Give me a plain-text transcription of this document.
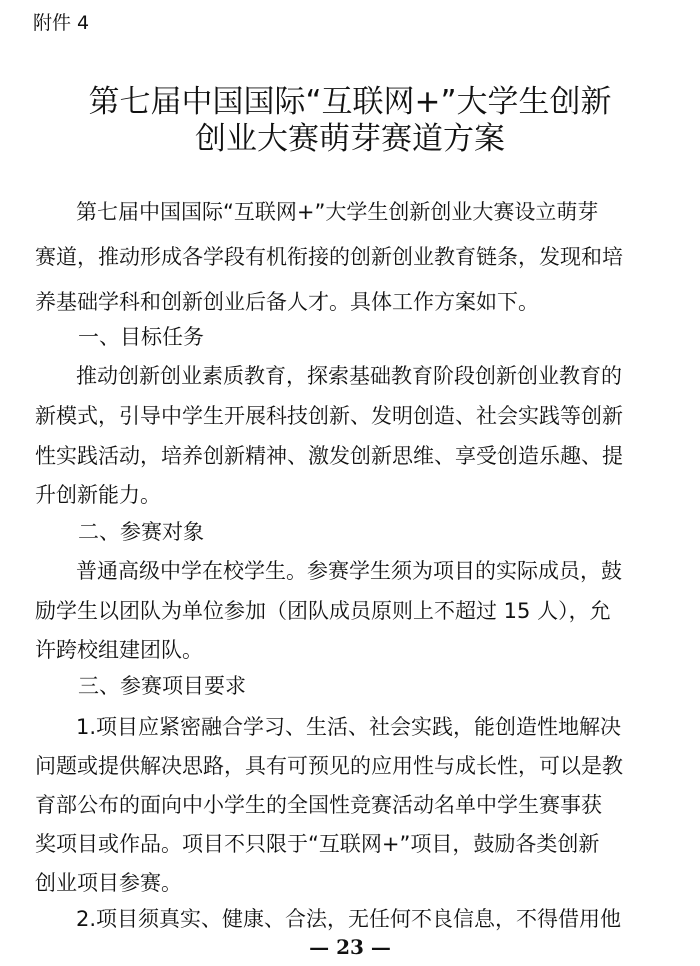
附件 4
第七届中国国际“互联网+”大学生创新
创业大赛萌芽赛道方案
第七届中国国际“互联网+”大学生创新创业大赛设立萌芽
赛道，推动形成各学段有机衔接的创新创业教育链条，发现和培
养基础学科和创新创业后备人才。具体工作方案如下。
一、目标任务
推动创新创业素质教育，探索基础教育阶段创新创业教育的
新模式，引导中学生开展科技创新、发明创造、社会实践等创新
性实践活动，培养创新精神、激发创新思维、享受创造乐趣、提
升创新能力。
二、参赛对象
普通高级中学在校学生。参赛学生须为项目的实际成员，鼓
励学生以团队为单位参加（团队成员原则上不超过 15 人），允
许跨校组建团队。
三、参赛项目要求
1.项目应紧密融合学习、生活、社会实践，能创造性地解决
问题或提供解决思路，具有可预见的应用性与成长性，可以是教
育部公布的面向中小学生的全国性竞赛活动名单中学生赛事获
奖项目或作品。项目不只限于“互联网+”项目，鼓励各类创新
创业项目参赛。
2.项目须真实、健康、合法，无任何不良信息，不得借用他
— 23 —
